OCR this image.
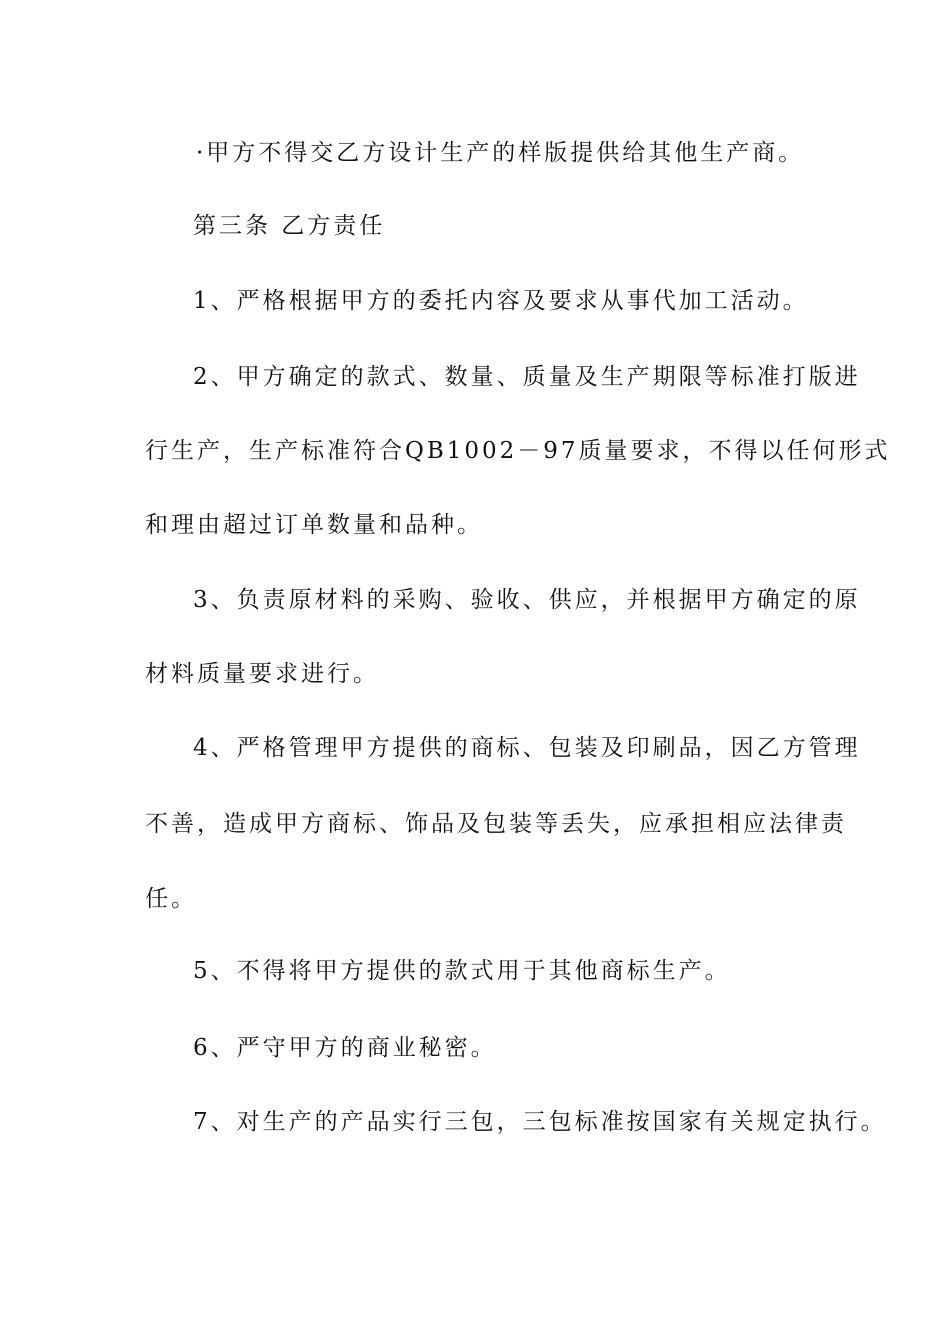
·甲方不得交乙方设计生产的样版提供给其他生产商。
第三条 乙方责任
1、严格根据甲方的委托内容及要求从事代加工活动。
2、甲方确定的款式、数量、质量及生产期限等标准打版进
行生产，生产标准符合QB1002－97质量要求，不得以任何形式
和理由超过订单数量和品种。
3、负责原材料的采购、验收、供应，并根据甲方确定的原
材料质量要求进行。
4、严格管理甲方提供的商标、包装及印刷品，因乙方管理
不善，造成甲方商标、饰品及包装等丢失，应承担相应法律责
任。
5、不得将甲方提供的款式用于其他商标生产。
6、严守甲方的商业秘密。
7、对生产的产品实行三包，三包标准按国家有关规定执行。
